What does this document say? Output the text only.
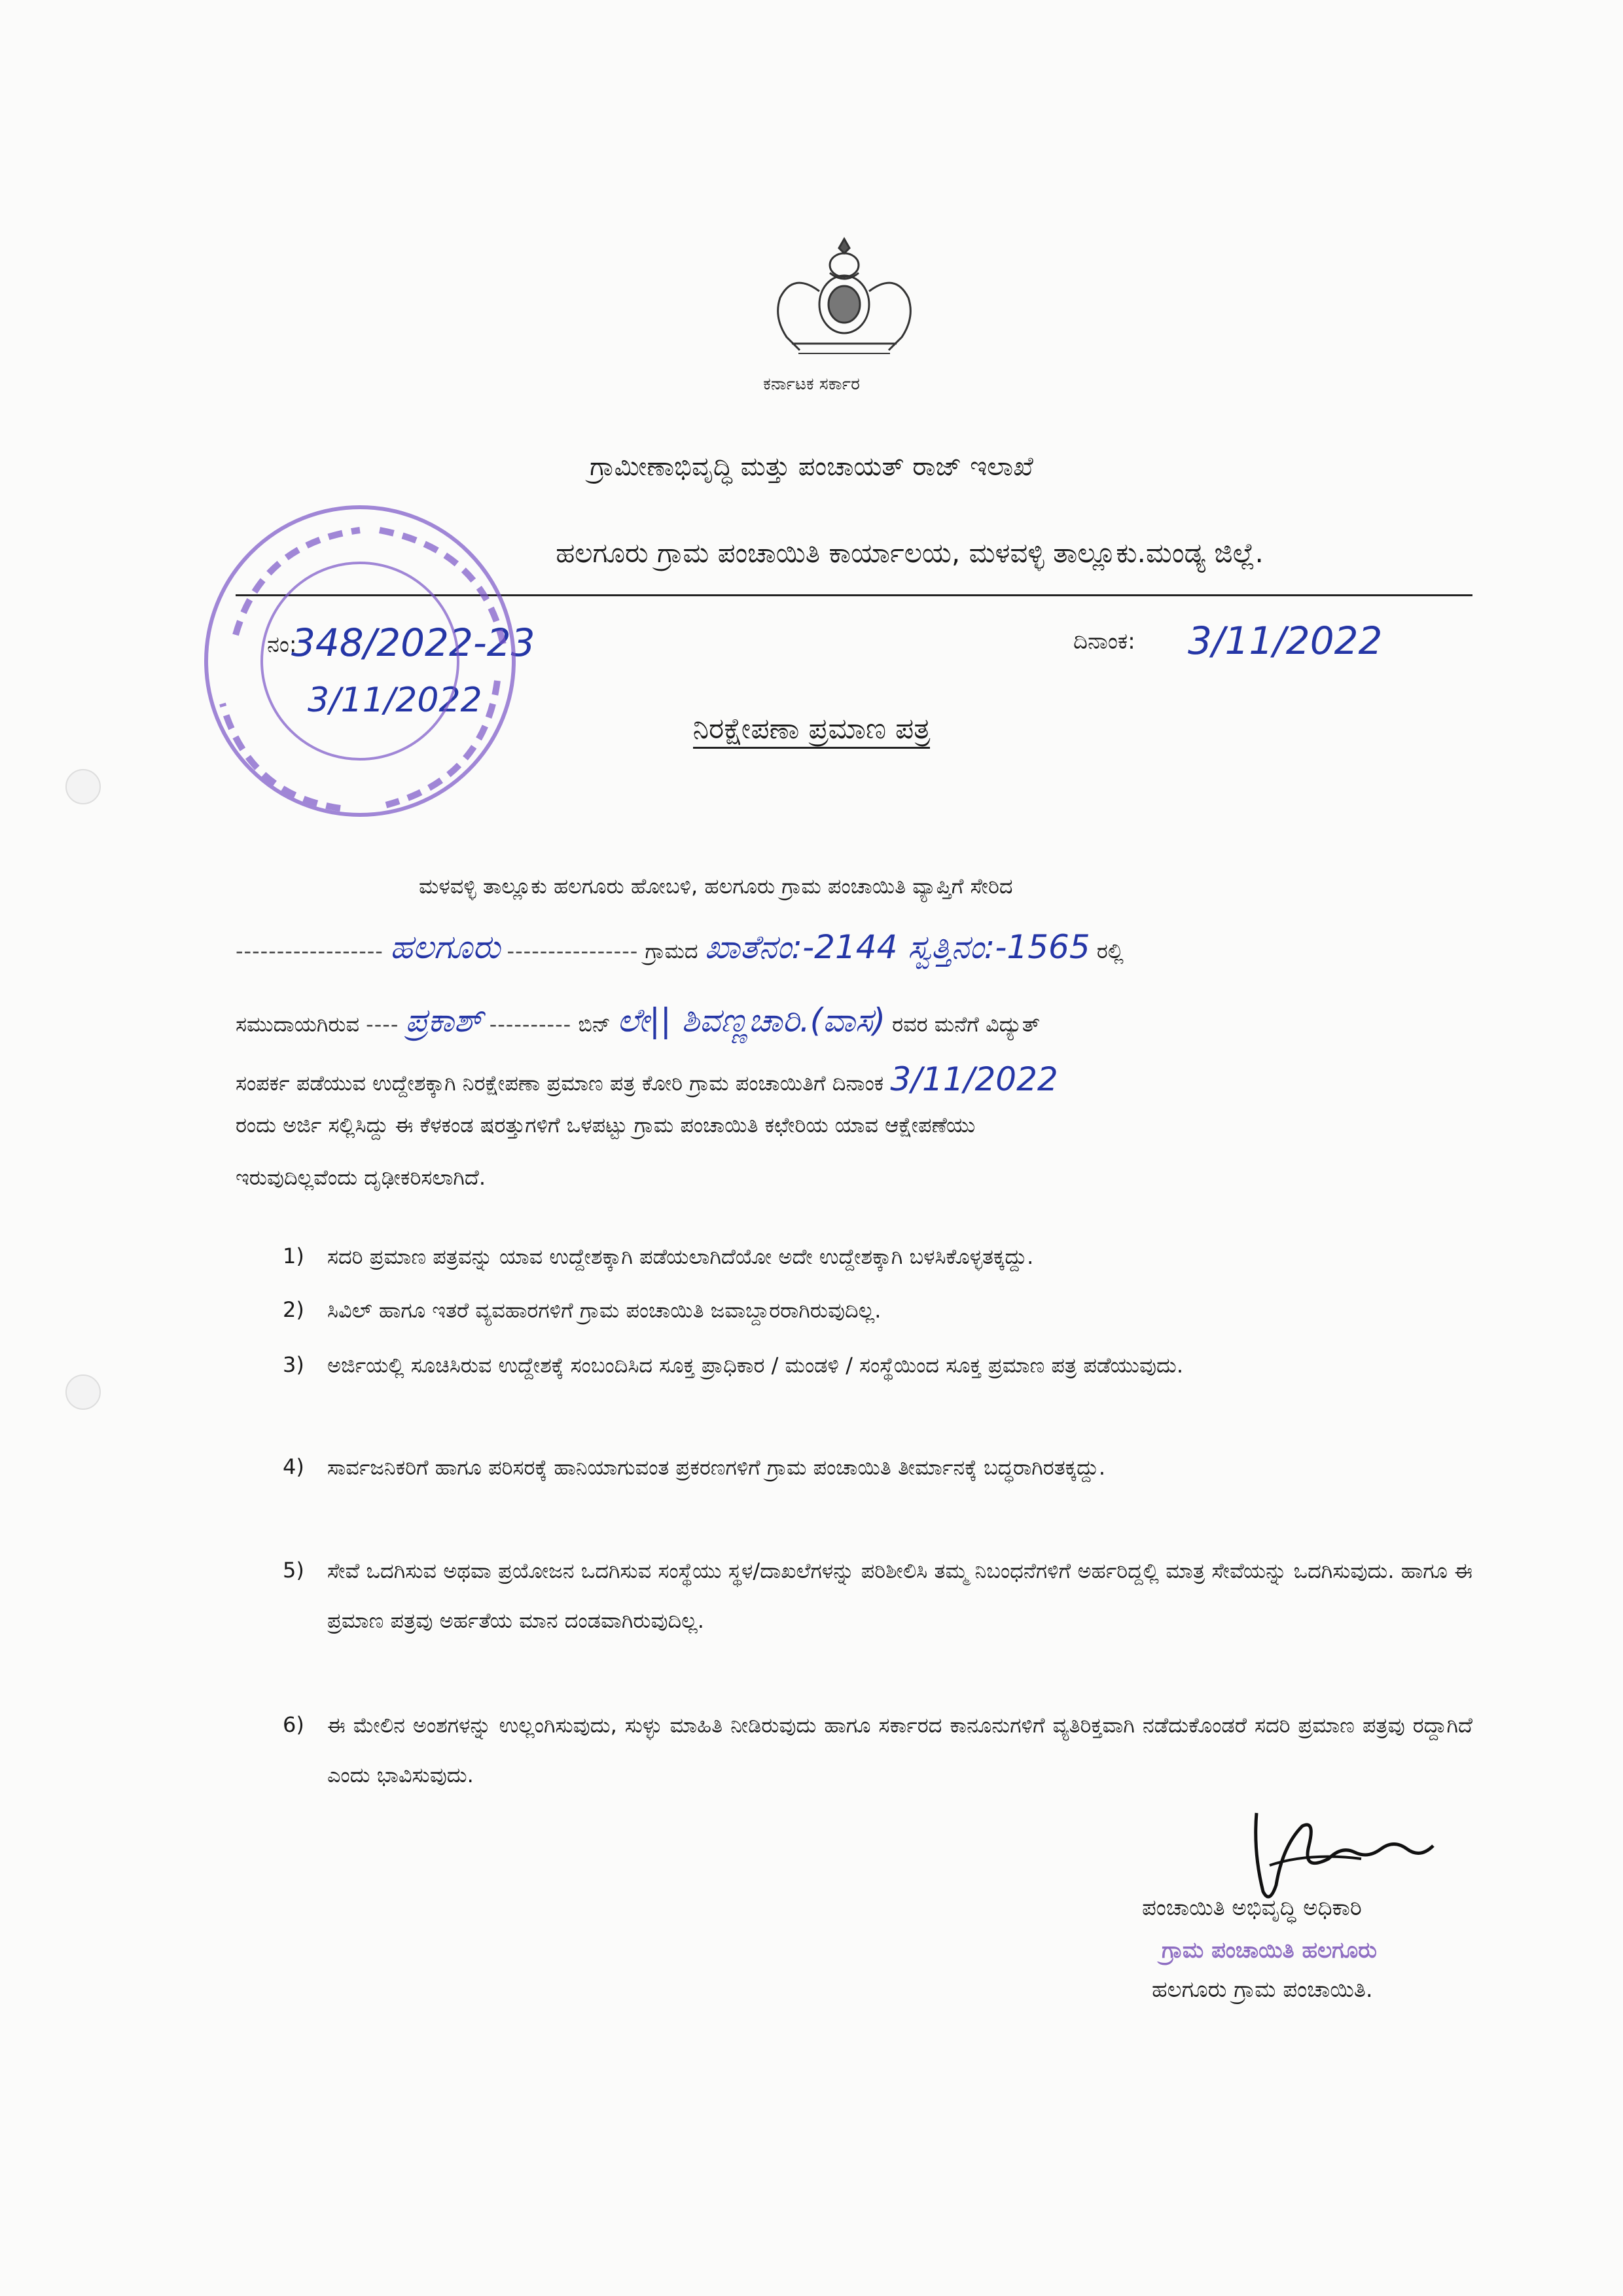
ಕರ್ನಾಟಕ ಸರ್ಕಾರ
ಗ್ರಾಮೀಣಾಭಿವೃದ್ಧಿ ಮತ್ತು ಪಂಚಾಯತ್ ರಾಜ್ ಇಲಾಖೆ
ಹಲಗೂರು ಗ್ರಾಮ ಪಂಚಾಯಿತಿ ಕಾರ್ಯಾಲಯ, ಮಳವಳ್ಳಿ ತಾಲ್ಲೂಕು.ಮಂಡ್ಯ ಜಿಲ್ಲೆ.
ನಂ:
348/2022-23
3/11/2022
ದಿನಾಂಕ: 3/11/2022
ನಿರಕ್ಷೇಪಣಾ ಪ್ರಮಾಣ ಪತ್ರ
ಮಳವಳ್ಳಿ ತಾಲ್ಲೂಕು ಹಲಗೂರು ಹೋಬಳಿ, ಹಲಗೂರು ಗ್ರಾಮ ಪಂಚಾಯಿತಿ ವ್ಯಾಪ್ತಿಗೆ ಸೇರಿದ
------------------ ಹಲಗೂರು ---------------- ಗ್ರಾಮದ ಖಾತೆನಂ:-2144 ಸ್ವತ್ತಿನಂ:-1565 ರಲ್ಲಿ
ಸಮುದಾಯಗಿರುವ ---- ಪ್ರಕಾಶ್ ---------- ಬಿನ್ ಲೇ|| ಶಿವಣ್ಣಚಾರಿ.(ವಾಸ) ರವರ ಮನೆಗೆ ವಿದ್ಯುತ್
ಸಂಪರ್ಕ ಪಡೆಯುವ ಉದ್ದೇಶಕ್ಕಾಗಿ ನಿರಕ್ಷೇಪಣಾ ಪ್ರಮಾಣ ಪತ್ರ ಕೋರಿ ಗ್ರಾಮ ಪಂಚಾಯಿತಿಗೆ ದಿನಾಂಕ 3/11/2022
ರಂದು ಅರ್ಜಿ ಸಲ್ಲಿಸಿದ್ದು ಈ ಕೆಳಕಂಡ ಷರತ್ತುಗಳಿಗೆ ಒಳಪಟ್ಟು ಗ್ರಾಮ ಪಂಚಾಯಿತಿ ಕಛೇರಿಯ ಯಾವ ಆಕ್ಷೇಪಣೆಯು
ಇರುವುದಿಲ್ಲವೆಂದು ದೃಢೀಕರಿಸಲಾಗಿದೆ.
1) ಸದರಿ ಪ್ರಮಾಣ ಪತ್ರವನ್ನು ಯಾವ ಉದ್ದೇಶಕ್ಕಾಗಿ ಪಡೆಯಲಾಗಿದೆಯೋ ಅದೇ ಉದ್ದೇಶಕ್ಕಾಗಿ ಬಳಸಿಕೊಳ್ಳತಕ್ಕದ್ದು.
2) ಸಿವಿಲ್ ಹಾಗೂ ಇತರೆ ವ್ಯವಹಾರಗಳಿಗೆ ಗ್ರಾಮ ಪಂಚಾಯಿತಿ ಜವಾಬ್ದಾರರಾಗಿರುವುದಿಲ್ಲ.
3) ಅರ್ಜಿಯಲ್ಲಿ ಸೂಚಿಸಿರುವ ಉದ್ದೇಶಕ್ಕೆ ಸಂಬಂದಿಸಿದ ಸೂಕ್ತ ಪ್ರಾಧಿಕಾರ / ಮಂಡಳಿ / ಸಂಸ್ಥೆಯಿಂದ ಸೂಕ್ತ ಪ್ರಮಾಣ ಪತ್ರ ಪಡೆಯುವುದು.
4) ಸಾರ್ವಜನಿಕರಿಗೆ ಹಾಗೂ ಪರಿಸರಕ್ಕೆ ಹಾನಿಯಾಗುವಂತ ಪ್ರಕರಣಗಳಿಗೆ ಗ್ರಾಮ ಪಂಚಾಯಿತಿ ತೀರ್ಮಾನಕ್ಕೆ ಬದ್ಧರಾಗಿರತಕ್ಕದ್ದು.
5) ಸೇವೆ ಒದಗಿಸುವ ಅಥವಾ ಪ್ರಯೋಜನ ಒದಗಿಸುವ ಸಂಸ್ಥೆಯು ಸ್ಥಳ/ದಾಖಲೆಗಳನ್ನು ಪರಿಶೀಲಿಸಿ ತಮ್ಮ ನಿಬಂಧನೆಗಳಿಗೆ ಅರ್ಹರಿದ್ದಲ್ಲಿ ಮಾತ್ರ ಸೇವೆಯನ್ನು ಒದಗಿಸುವುದು. ಹಾಗೂ ಈ ಪ್ರಮಾಣ ಪತ್ರವು ಅರ್ಹತೆಯ ಮಾನ ದಂಡವಾಗಿರುವುದಿಲ್ಲ.
6) ಈ ಮೇಲಿನ ಅಂಶಗಳನ್ನು ಉಲ್ಲಂಗಿಸುವುದು, ಸುಳ್ಳು ಮಾಹಿತಿ ನೀಡಿರುವುದು ಹಾಗೂ ಸರ್ಕಾರದ ಕಾನೂನುಗಳಿಗೆ ವ್ಯತಿರಿಕ್ತವಾಗಿ ನಡೆದುಕೊಂಡರೆ ಸದರಿ ಪ್ರಮಾಣ ಪತ್ರವು ರದ್ದಾಗಿದೆ ಎಂದು ಭಾವಿಸುವುದು.
ಪಂಚಾಯಿತಿ ಅಭಿವೃದ್ಧಿ ಅಧಿಕಾರಿ
ಗ್ರಾಮ ಪಂಚಾಯಿತಿ ಹಲಗೂರು
ಹಲಗೂರು ಗ್ರಾಮ ಪಂಚಾಯಿತಿ.
